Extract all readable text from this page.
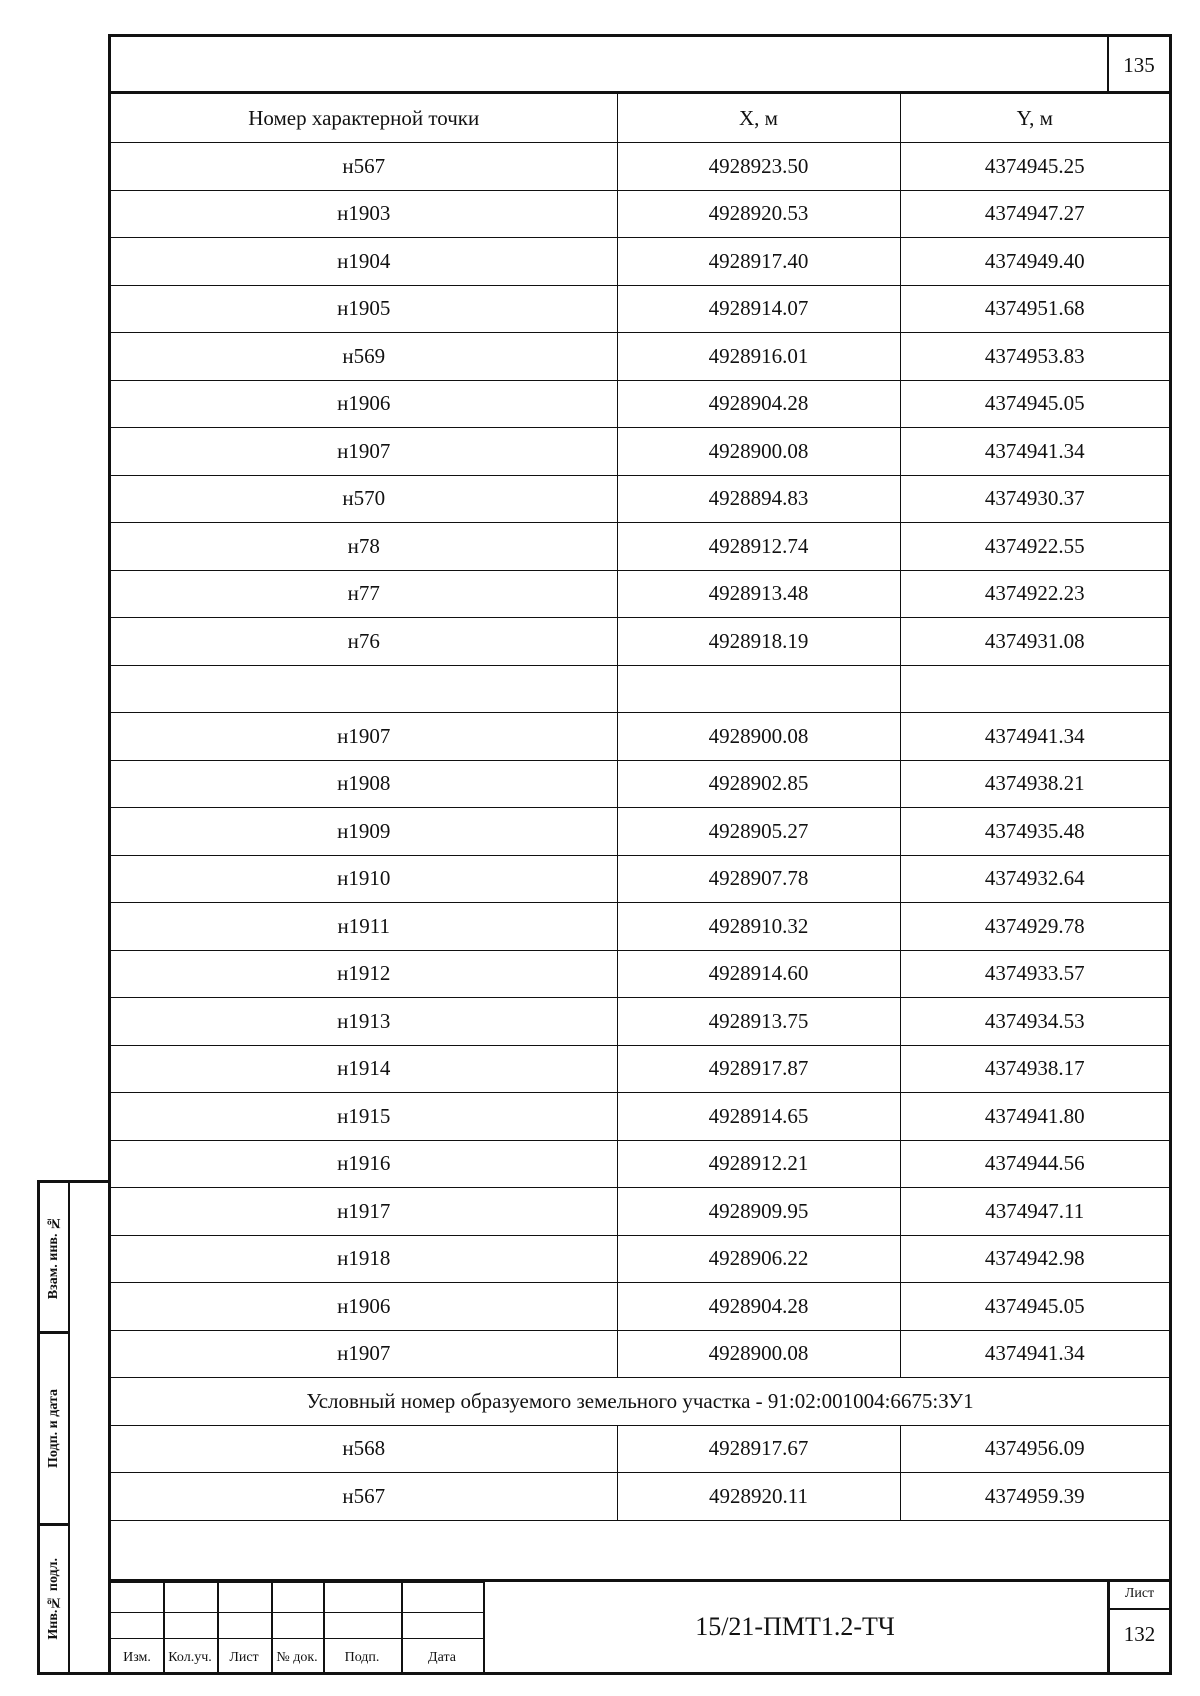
135
Номер характерной точки	X, м	Y, м
н567	4928923.50	4374945.25
н1903	4928920.53	4374947.27
н1904	4928917.40	4374949.40
н1905	4928914.07	4374951.68
н569	4928916.01	4374953.83
н1906	4928904.28	4374945.05
н1907	4928900.08	4374941.34
н570	4928894.83	4374930.37
н78	4928912.74	4374922.55
н77	4928913.48	4374922.23
н76	4928918.19	4374931.08

н1907	4928900.08	4374941.34
н1908	4928902.85	4374938.21
н1909	4928905.27	4374935.48
н1910	4928907.78	4374932.64
н1911	4928910.32	4374929.78
н1912	4928914.60	4374933.57
н1913	4928913.75	4374934.53
н1914	4928917.87	4374938.17
н1915	4928914.65	4374941.80
н1916	4928912.21	4374944.56
н1917	4928909.95	4374947.11
н1918	4928906.22	4374942.98
н1906	4928904.28	4374945.05
н1907	4928900.08	4374941.34
Условный номер образуемого земельного участка - 91:02:001004:6675:ЗУ1		
н568	4928917.67	4374956.09
н567	4928920.11	4374959.39
Изм.	Кол.уч.	Лист	№ док.	Подп.	Дата
15/21-ПМТ1.2-ТЧ
Лист
132
Взам. инв. №
Подп. и дата
Инв.№ подл.
